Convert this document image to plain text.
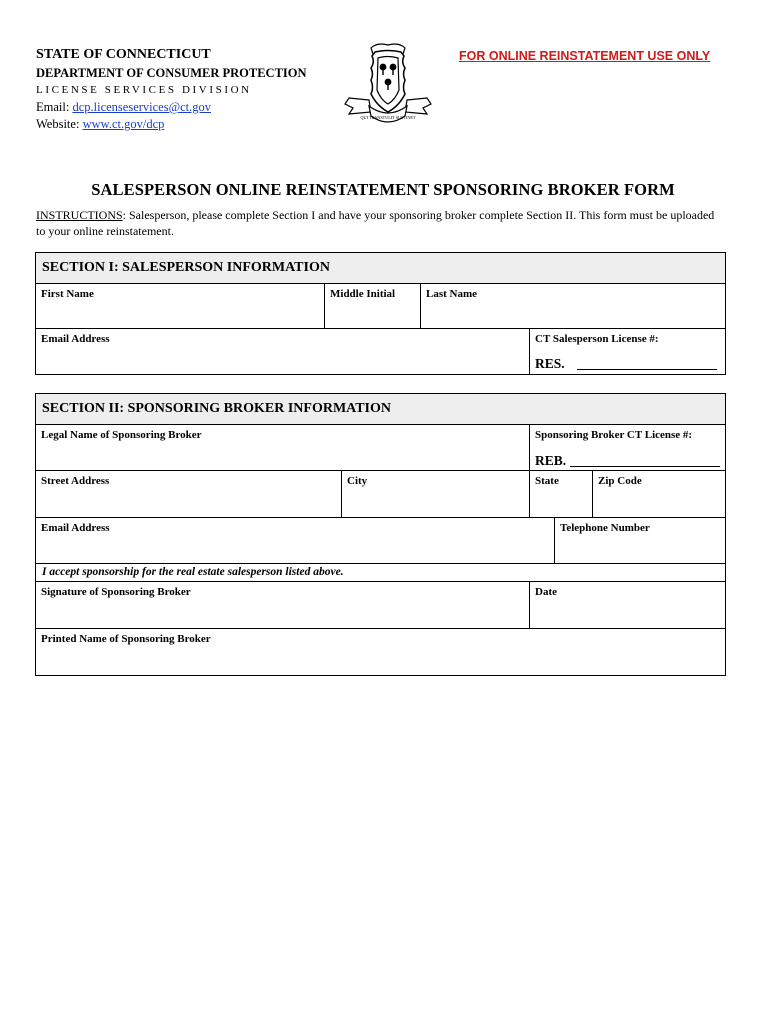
STATE OF CONNECTICUT
DEPARTMENT OF CONSUMER PROTECTION
LICENSE SERVICES DIVISION
Email: dcp.licenseservices@ct.gov
Website: www.ct.gov/dcp	QUI TRANSTULIT SUSTINET
FOR ONLINE REINSTATEMENT USE ONLY
SALESPERSON ONLINE REINSTATEMENT SPONSORING BROKER FORM
INSTRUCTIONS: Salesperson, please complete Section I and have your sponsoring broker complete Section II. This form must be uploaded to your online reinstatement.
SECTION I: SALESPERSON INFORMATION
First Name	Middle Initial	Last Name
Email Address	CT Salesperson License #:
RES.
SECTION II: SPONSORING BROKER INFORMATION
Legal Name of Sponsoring Broker	Sponsoring Broker CT License #:
REB.
Street Address	City	State	Zip Code
Email Address	Telephone Number
Signature of Sponsoring Broker	Date
Printed Name of Sponsoring Broker
I accept sponsorship for the real estate salesperson listed above.
